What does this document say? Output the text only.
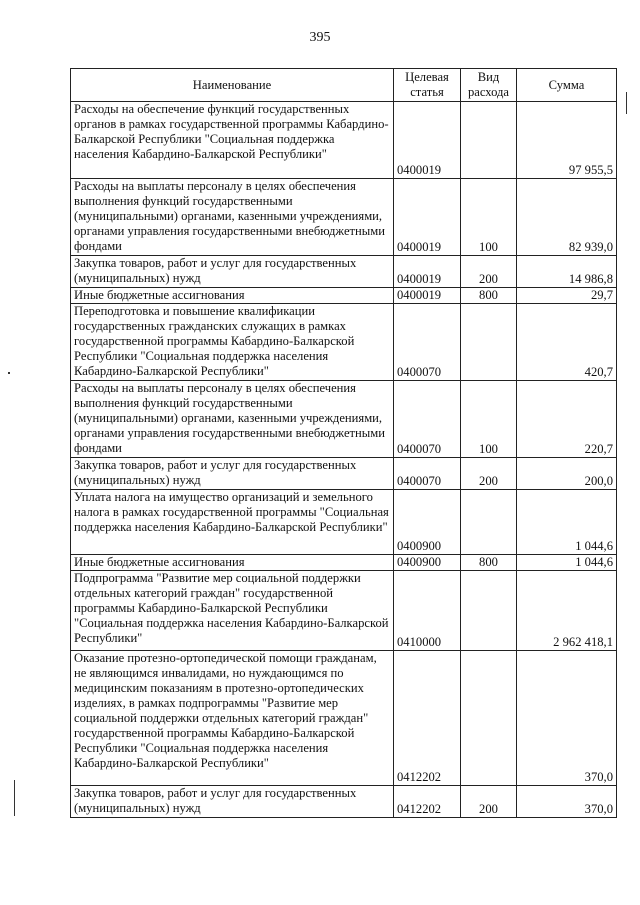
395
Наименование	Целевая статья	Вид расхода	Сумма
Расходы на обеспечение функций государственных органов в рамках государственной программы Кабардино-Балкарской Республики "Социальная поддержка населения Кабардино-Балкарской Республики"	0400019		97 955,5
Расходы на выплаты персоналу в целях обеспечения выполнения функций государственными (муниципальными) органами, казенными учреждениями, органами управления государственными внебюджетными фондами	0400019	100	82 939,0
Закупка товаров, работ и услуг для государственных (муниципальных) нужд	0400019	200	14 986,8
Иные бюджетные ассигнования	0400019	800	29,7
Переподготовка и повышение квалификации государственных гражданских служащих в рамках государственной программы Кабардино-Балкарской Республики "Социальная поддержка населения Кабардино-Балкарской Республики"	0400070		420,7
Расходы на выплаты персоналу в целях обеспечения выполнения функций государственными (муниципальными) органами, казенными учреждениями, органами управления государственными внебюджетными фондами	0400070	100	220,7
Закупка товаров, работ и услуг для государственных (муниципальных) нужд	0400070	200	200,0
Уплата налога на имущество организаций и земельного налога в рамках государственной программы "Социальная поддержка населения Кабардино-Балкарской Республики"	0400900		1 044,6
Иные бюджетные ассигнования	0400900	800	1 044,6
Подпрограмма "Развитие мер социальной поддержки отдельных категорий граждан" государственной программы Кабардино-Балкарской Республики "Социальная поддержка населения Кабардино-Балкарской Республики"	0410000		2 962 418,1
Оказание протезно-ортопедической помощи гражданам, не являющимся инвалидами, но нуждающимся по медицинским показаниям в протезно-ортопедических изделиях, в рамках подпрограммы "Развитие мер социальной поддержки отдельных категорий граждан" государственной программы Кабардино-Балкарской Республики "Социальная поддержка населения Кабардино-Балкарской Республики"	0412202		370,0
Закупка товаров, работ и услуг для государственных (муниципальных) нужд	0412202	200	370,0
